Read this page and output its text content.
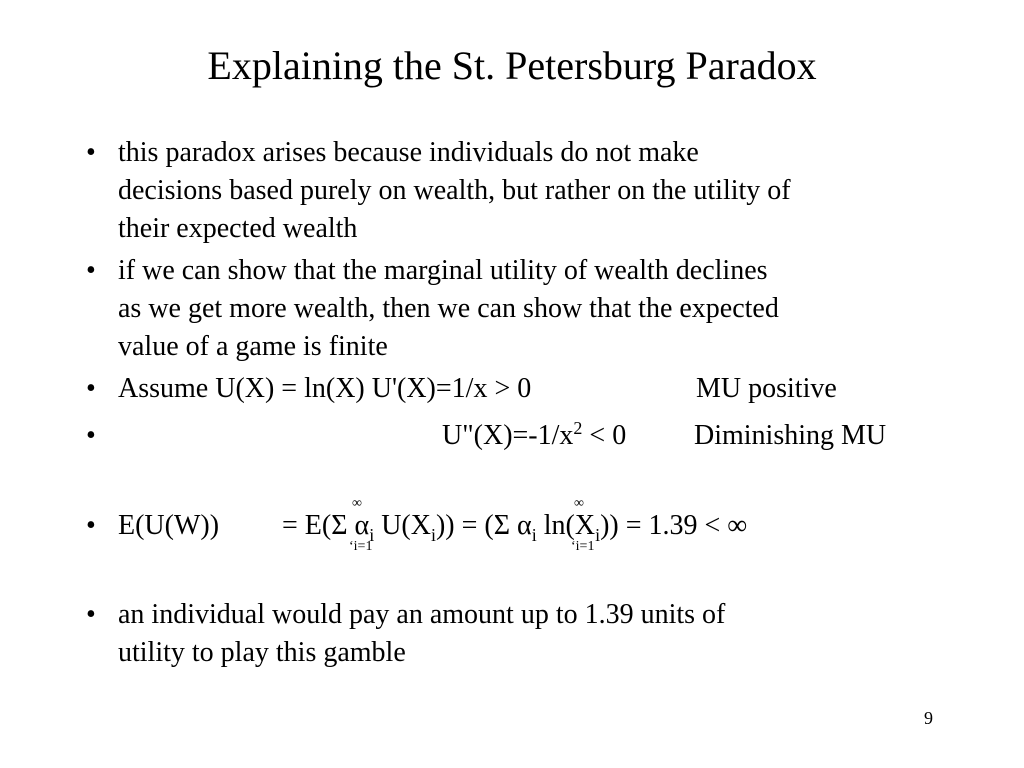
Explaining the St. Petersburg Paradox
• this paradox arises because individuals do not make
decisions based purely on wealth, but rather on the utility of
their expected wealth
• if we can show that the marginal utility of wealth declines
as we get more wealth, then we can show that the expected
value of a game is finite
• Assume U(X) = ln(X) U'(X)=1/x > 0	MU positive
•	$U"(X)=-1/x^2 < 0$ Diminishing MU
• E(U(W)) = E(Σ $\alpha_i$ $U(X_i)) = (\Sigma$ $\alpha_i$ $\ln(X_i)) = 1.39$ < ∞
∞
‘i=1
∞
‘i=1
• an individual would pay an amount up to 1.39 units of
utility to play this gamble
9
